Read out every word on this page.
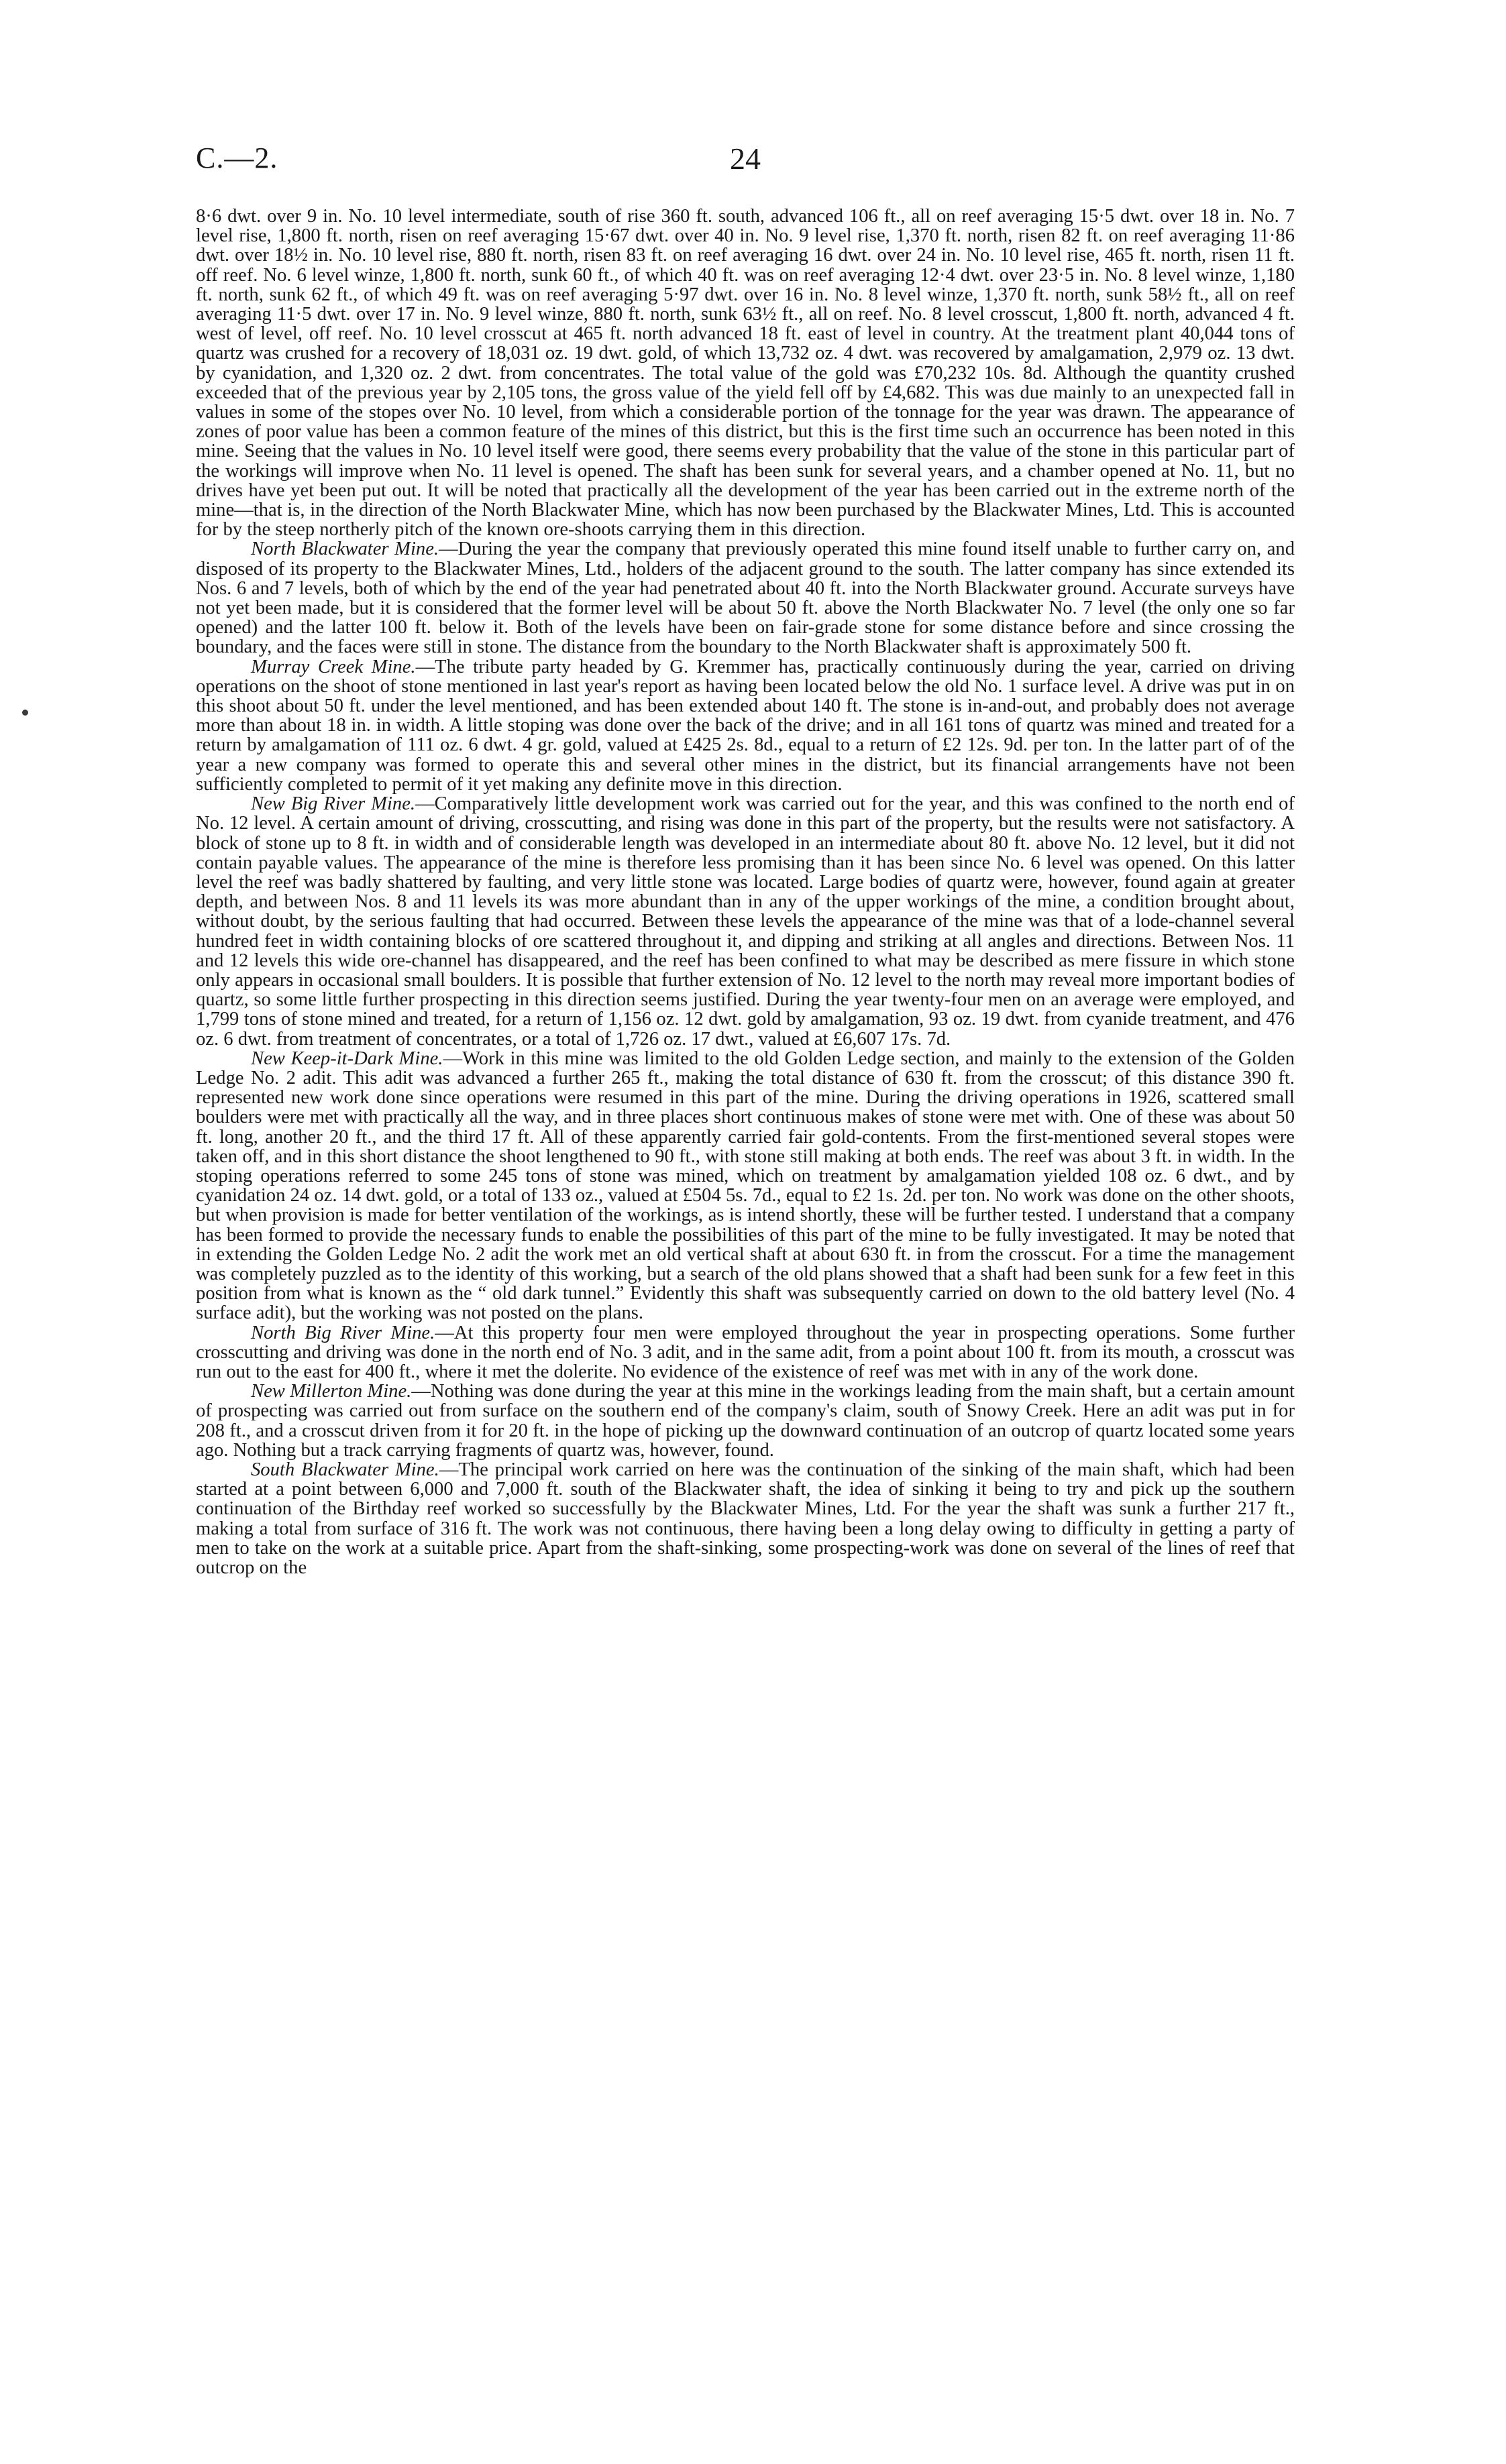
C.—2.	24

8·6 dwt. over 9 in. No. 10 level intermediate, south of rise 360 ft. south, advanced 106 ft., all on reef averaging 15·5 dwt. over 18 in. No. 7 level rise, 1,800 ft. north, risen on reef averaging 15·67 dwt. over 40 in. No. 9 level rise, 1,370 ft. north, risen 82 ft. on reef averaging 11·86 dwt. over 18½ in. No. 10 level rise, 880 ft. north, risen 83 ft. on reef averaging 16 dwt. over 24 in. No. 10 level rise, 465 ft. north, risen 11 ft. off reef. No. 6 level winze, 1,800 ft. north, sunk 60 ft., of which 40 ft. was on reef averaging 12·4 dwt. over 23·5 in. No. 8 level winze, 1,180 ft. north, sunk 62 ft., of which 49 ft. was on reef averaging 5·97 dwt. over 16 in. No. 8 level winze, 1,370 ft. north, sunk 58½ ft., all on reef averaging 11·5 dwt. over 17 in. No. 9 level winze, 880 ft. north, sunk 63½ ft., all on reef. No. 8 level crosscut, 1,800 ft. north, advanced 4 ft. west of level, off reef. No. 10 level crosscut at 465 ft. north advanced 18 ft. east of level in country. At the treatment plant 40,044 tons of quartz was crushed for a recovery of 18,031 oz. 19 dwt. gold, of which 13,732 oz. 4 dwt. was recovered by amalgamation, 2,979 oz. 13 dwt. by cyanidation, and 1,320 oz. 2 dwt. from concentrates. The total value of the gold was £70,232 10s. 8d. Although the quantity crushed exceeded that of the previous year by 2,105 tons, the gross value of the yield fell off by £4,682. This was due mainly to an unexpected fall in values in some of the stopes over No. 10 level, from which a considerable portion of the tonnage for the year was drawn. The appearance of zones of poor value has been a common feature of the mines of this district, but this is the first time such an occurrence has been noted in this mine. Seeing that the values in No. 10 level itself were good, there seems every probability that the value of the stone in this particular part of the workings will improve when No. 11 level is opened. The shaft has been sunk for several years, and a chamber opened at No. 11, but no drives have yet been put out. It will be noted that practically all the development of the year has been carried out in the extreme north of the mine—that is, in the direction of the North Blackwater Mine, which has now been purchased by the Blackwater Mines, Ltd. This is accounted for by the steep northerly pitch of the known ore-shoots carrying them in this direction.

North Blackwater Mine.—During the year the company that previously operated this mine found itself unable to further carry on, and disposed of its property to the Blackwater Mines, Ltd., holders of the adjacent ground to the south. The latter company has since extended its Nos. 6 and 7 levels, both of which by the end of the year had penetrated about 40 ft. into the North Blackwater ground. Accurate surveys have not yet been made, but it is considered that the former level will be about 50 ft. above the North Blackwater No. 7 level (the only one so far opened) and the latter 100 ft. below it. Both of the levels have been on fair-grade stone for some distance before and since crossing the boundary, and the faces were still in stone. The distance from the boundary to the North Blackwater shaft is approximately 500 ft.

Murray Creek Mine.—The tribute party headed by G. Kremmer has, practically continuously during the year, carried on driving operations on the shoot of stone mentioned in last year's report as having been located below the old No. 1 surface level. A drive was put in on this shoot about 50 ft. under the level mentioned, and has been extended about 140 ft. The stone is in-and-out, and probably does not average more than about 18 in. in width. A little stoping was done over the back of the drive; and in all 161 tons of quartz was mined and treated for a return by amalgamation of 111 oz. 6 dwt. 4 gr. gold, valued at £425 2s. 8d., equal to a return of £2 12s. 9d. per ton. In the latter part of of the year a new company was formed to operate this and several other mines in the district, but its financial arrangements have not been sufficiently completed to permit of it yet making any definite move in this direction.

New Big River Mine.—Comparatively little development work was carried out for the year, and this was confined to the north end of No. 12 level. A certain amount of driving, crosscutting, and rising was done in this part of the property, but the results were not satisfactory. A block of stone up to 8 ft. in width and of considerable length was developed in an intermediate about 80 ft. above No. 12 level, but it did not contain payable values. The appearance of the mine is therefore less promising than it has been since No. 6 level was opened. On this latter level the reef was badly shattered by faulting, and very little stone was located. Large bodies of quartz were, however, found again at greater depth, and between Nos. 8 and 11 levels its was more abundant than in any of the upper workings of the mine, a condition brought about, without doubt, by the serious faulting that had occurred. Between these levels the appearance of the mine was that of a lode-channel several hundred feet in width containing blocks of ore scattered throughout it, and dipping and striking at all angles and directions. Between Nos. 11 and 12 levels this wide ore-channel has disappeared, and the reef has been confined to what may be described as mere fissure in which stone only appears in occasional small boulders. It is possible that further extension of No. 12 level to the north may reveal more important bodies of quartz, so some little further prospecting in this direction seems justified. During the year twenty-four men on an average were employed, and 1,799 tons of stone mined and treated, for a return of 1,156 oz. 12 dwt. gold by amalgamation, 93 oz. 19 dwt. from cyanide treatment, and 476 oz. 6 dwt. from treatment of concentrates, or a total of 1,726 oz. 17 dwt., valued at £6,607 17s. 7d.

New Keep-it-Dark Mine.—Work in this mine was limited to the old Golden Ledge section, and mainly to the extension of the Golden Ledge No. 2 adit. This adit was advanced a further 265 ft., making the total distance of 630 ft. from the crosscut; of this distance 390 ft. represented new work done since operations were resumed in this part of the mine. During the driving operations in 1926, scattered small boulders were met with practically all the way, and in three places short continuous makes of stone were met with. One of these was about 50 ft. long, another 20 ft., and the third 17 ft. All of these apparently carried fair gold-contents. From the first-mentioned several stopes were taken off, and in this short distance the shoot lengthened to 90 ft., with stone still making at both ends. The reef was about 3 ft. in width. In the stoping operations referred to some 245 tons of stone was mined, which on treatment by amalgamation yielded 108 oz. 6 dwt., and by cyanidation 24 oz. 14 dwt. gold, or a total of 133 oz., valued at £504 5s. 7d., equal to £2 1s. 2d. per ton. No work was done on the other shoots, but when provision is made for better ventilation of the workings, as is intend shortly, these will be further tested. I understand that a company has been formed to provide the necessary funds to enable the possibilities of this part of the mine to be fully investigated. It may be noted that in extending the Golden Ledge No. 2 adit the work met an old vertical shaft at about 630 ft. in from the crosscut. For a time the management was completely puzzled as to the identity of this working, but a search of the old plans showed that a shaft had been sunk for a few feet in this position from what is known as the “ old dark tunnel.” Evidently this shaft was subsequently carried on down to the old battery level (No. 4 surface adit), but the working was not posted on the plans.

North Big River Mine.—At this property four men were employed throughout the year in prospecting operations. Some further crosscutting and driving was done in the north end of No. 3 adit, and in the same adit, from a point about 100 ft. from its mouth, a crosscut was run out to the east for 400 ft., where it met the dolerite. No evidence of the existence of reef was met with in any of the work done.

New Millerton Mine.—Nothing was done during the year at this mine in the workings leading from the main shaft, but a certain amount of prospecting was carried out from surface on the southern end of the company's claim, south of Snowy Creek. Here an adit was put in for 208 ft., and a crosscut driven from it for 20 ft. in the hope of picking up the downward continuation of an outcrop of quartz located some years ago. Nothing but a track carrying fragments of quartz was, however, found.

South Blackwater Mine.—The principal work carried on here was the continuation of the sinking of the main shaft, which had been started at a point between 6,000 and 7,000 ft. south of the Blackwater shaft, the idea of sinking it being to try and pick up the southern continuation of the Birthday reef worked so successfully by the Blackwater Mines, Ltd. For the year the shaft was sunk a further 217 ft., making a total from surface of 316 ft. The work was not continuous, there having been a long delay owing to difficulty in getting a party of men to take on the work at a suitable price. Apart from the shaft-sinking, some prospecting-work was done on several of the lines of reef that outcrop on the
